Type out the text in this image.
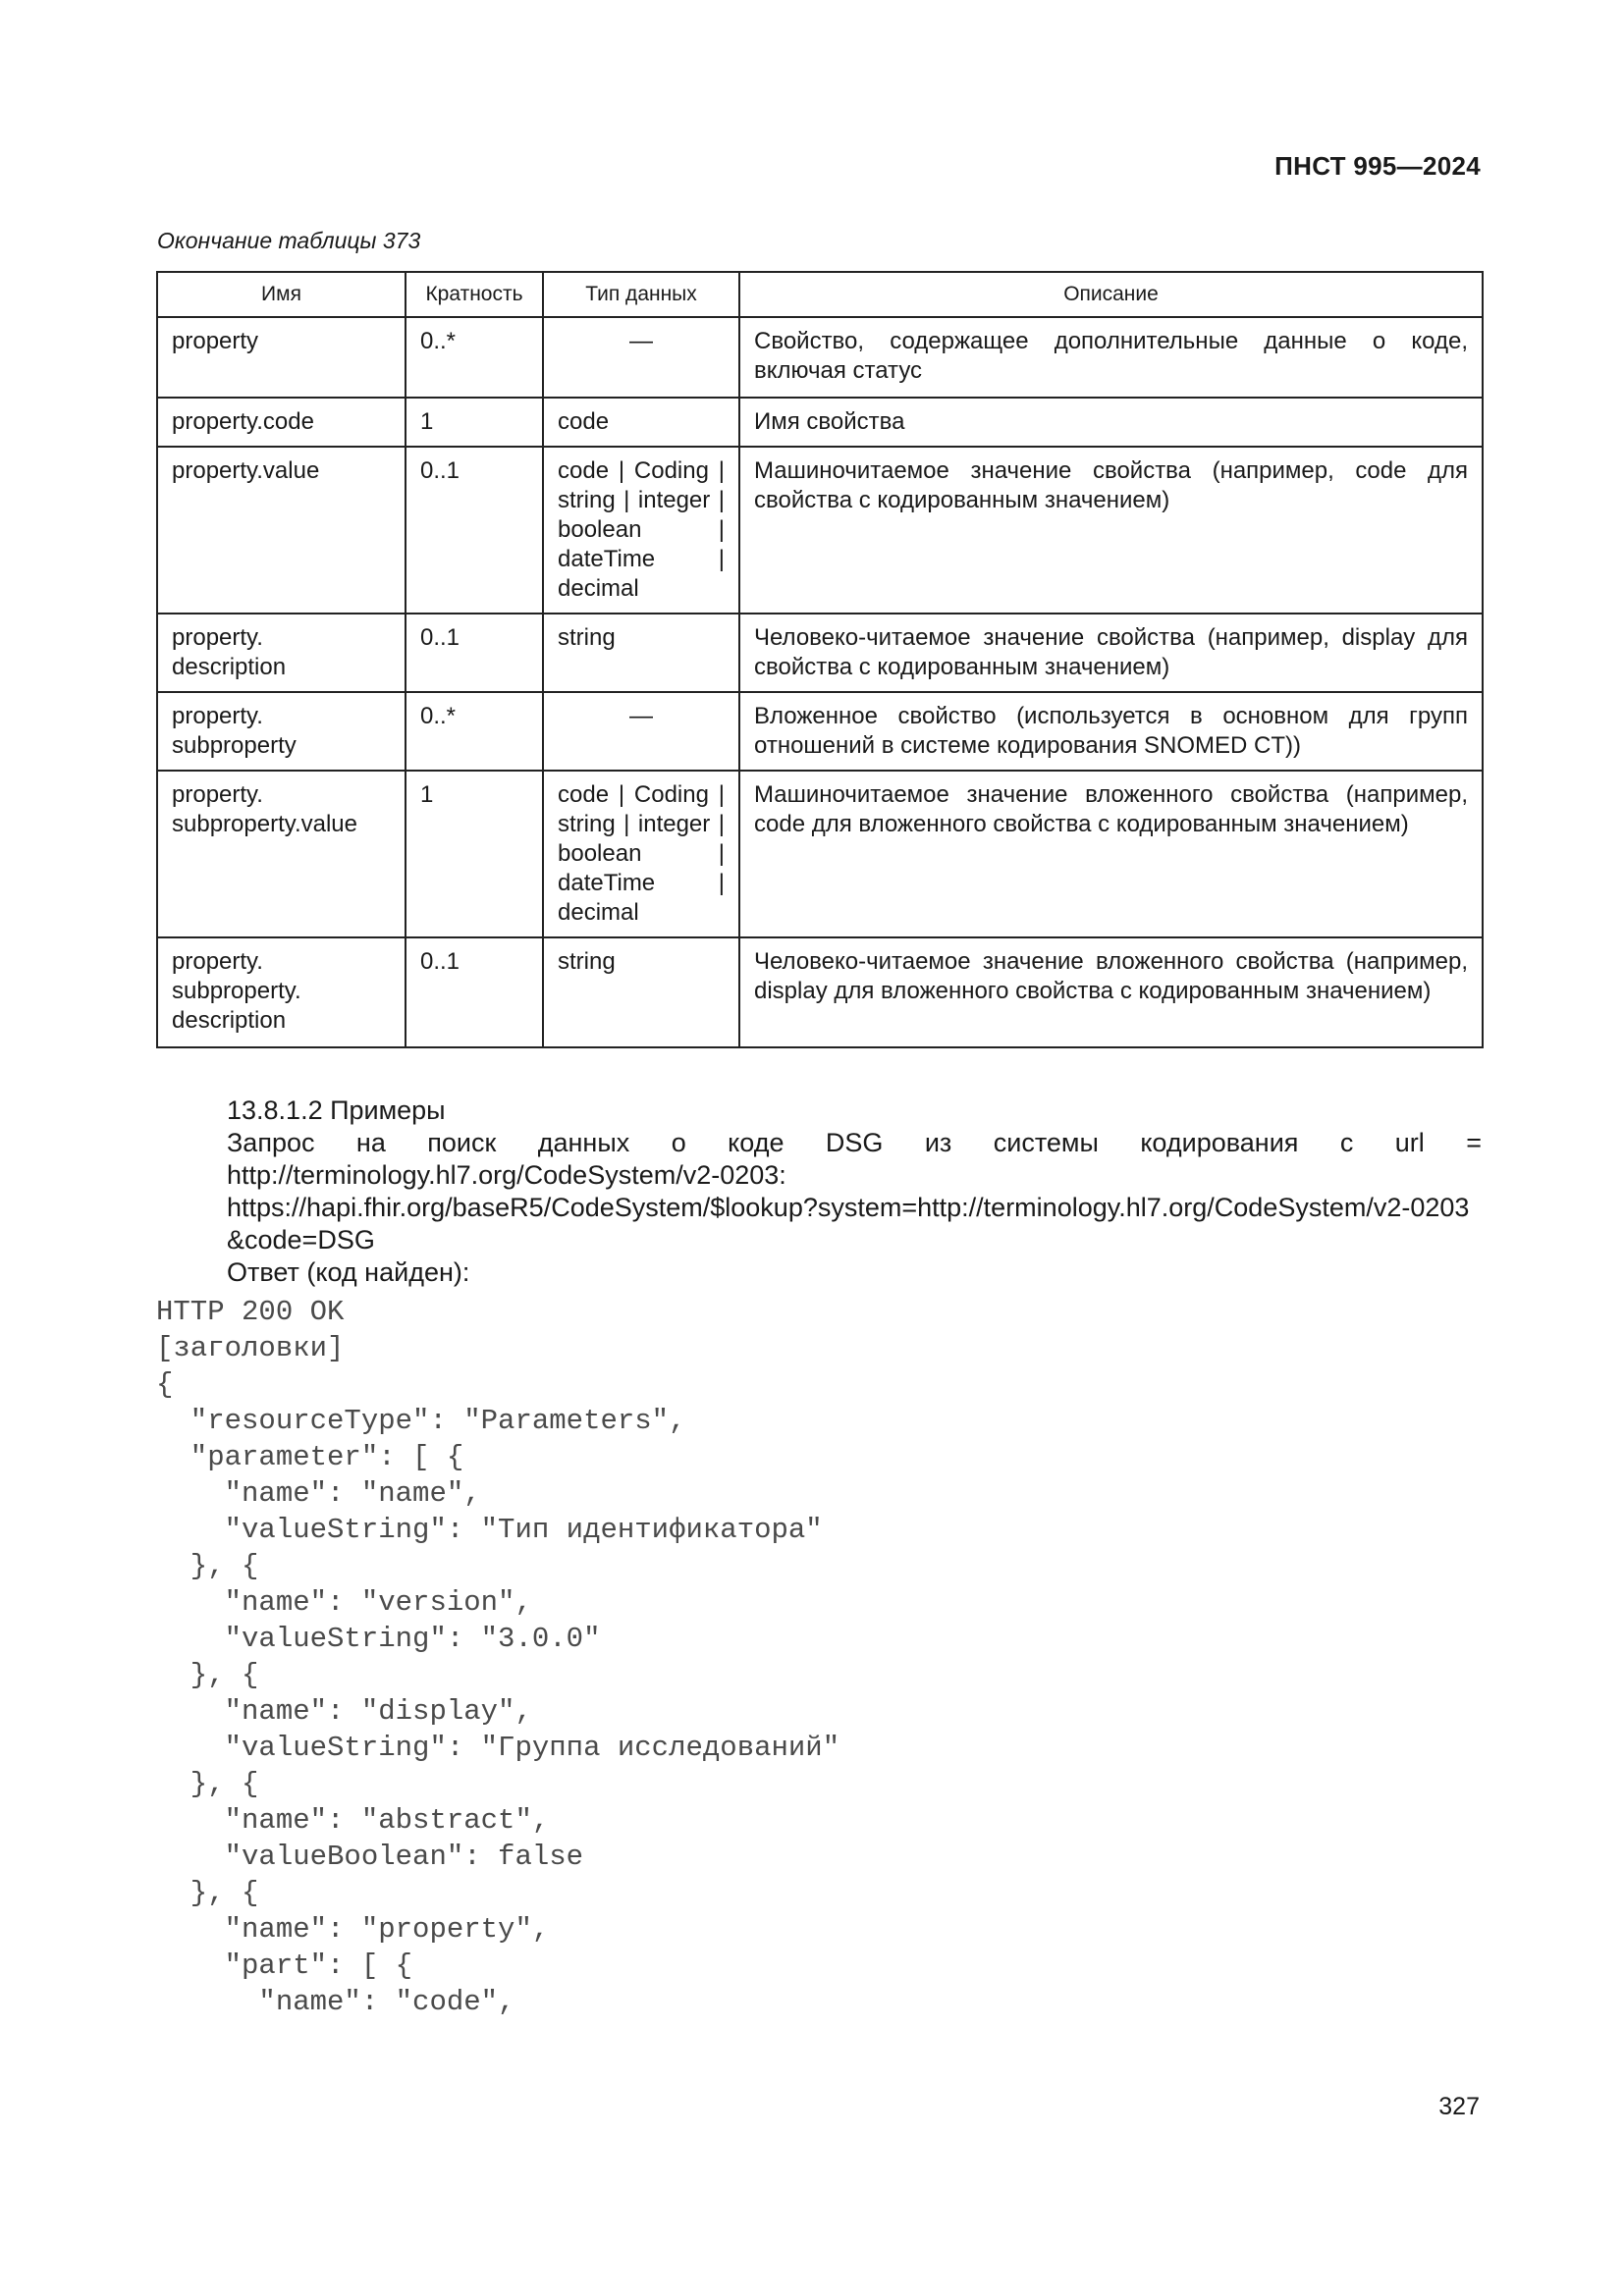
ПНСТ 995—2024
Окончание таблицы 373
Имя	Кратность	Тип данных	Описание

property	0..*	—	Свойство, содержащее дополнительные данные о коде, включая статус

property.code	1	code	Имя свойства

property.value	0..1	code | Coding | string | integer | boolean | dateTime | decimal	Машиночитаемое значение свойства (например, code для свойства с кодированным значением)

property.
description	0..1	string	Человеко-читаемое значение свойства (например, display для свойства с кодированным значением)

property.
subproperty	0..*	—	Вложенное свойство (используется в основном для групп отношений в системе кодирования SNOMED CT))

property.
subproperty.value	1	code | Coding | string | integer | boolean | dateTime | decimal	Машиночитаемое значение вложенного свойства (например, code для вложенного свойства с кодированным значением)

property.
subproperty.
description	0..1	string	Человеко-читаемое значение вложенного свойства (например, display для вложенного свойства с кодированным значением)
13.8.1.2 Примеры
Запрос на поиск данных о коде DSG из системы кодирования с url = http://terminology.hl7.org/CodeSystem/v2-0203:
https://hapi.fhir.org/baseR5/CodeSystem/$lookup?system=http://terminology.hl7.org/CodeSystem/v2-0203&code=DSG
Ответ (код найден):
HTTP 200 OK
[заголовки]
{
"resourceType": "Parameters",
"parameter": [ {
"name": "name",
"valueString": "Тип идентификатора"
}, {
"name": "version",
"valueString": "3.0.0"
}, {
"name": "display",
"valueString": "Группа исследований"
}, {
"name": "abstract",
"valueBoolean": false
}, {
"name": "property",
"part": [ {
"name": "code",
327
